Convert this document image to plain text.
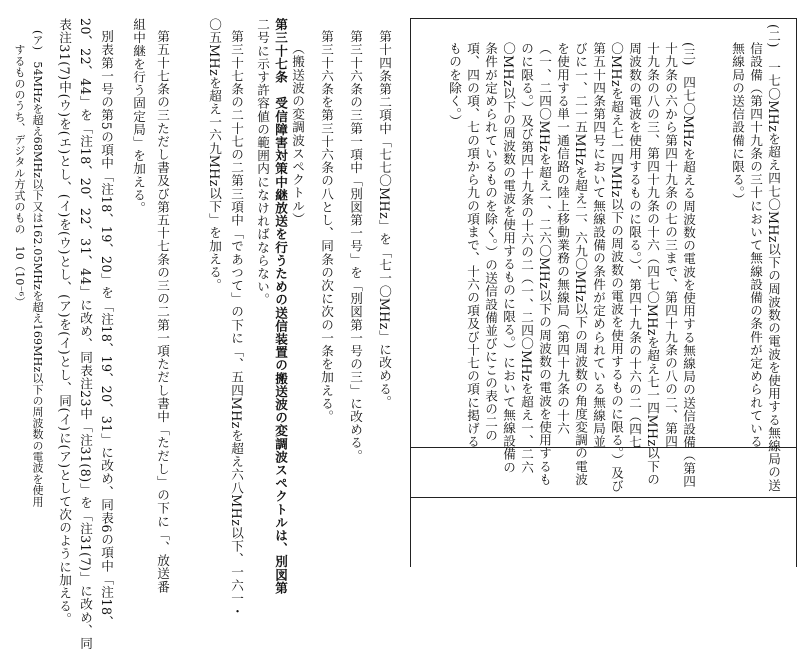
(二)　一七〇MHzを超え四七〇MHz以下の周波数の電波を使用する無線局の送
信設備（第四十九条の三十において無線設備の条件が定められている
無線局の送信設備に限る。）
(三)
四七〇MHzを超える周波数の電波を使用する無線局の送信設備（第四
十九条の六から第四十九条の七の三まで、第四十九条の八の二、第四
十九条の八の三、第四十九条の十六（四七〇MHzを超え七一四MHz以下の
周波数の電波を使用するものに限る。）、第四十九条の十六の二（四七
〇MHzを超え七一四MHz以下の周波数の電波を使用するものに限る。）及び
第五十四条第四号において無線設備の条件が定められている無線局並
びに一、二一五MHzを超え二、六九〇MHz以下の周波数の角度変調の電波
を使用する単一通信路の陸上移動業務の無線局（第四十九条の十六
（一、二四〇MHzを超え一、二六〇MHz以下の周波数の電波を使用するも
のに限る。）及び第四十九条の十六の二（一、二四〇MHzを超え一、二六
〇MHz以下の周波数の電波を使用するものに限る。）において無線設備の
条件が定められているものを除く。）の送信設備並びにこの表の二の
項、四の項、七の項から九の項まで、十六の項及び十七の項に掲げる
ものを除く。）
第十四条第二項中「七七〇MHz」を「七一〇MHz」に改める。
第三十六条の三第一項中「別図第一号」を「別図第一号の三」に改める。
第三十六条を第三十六条の八とし、同条の次に次の一条を加える。
（搬送波の変調波スペクトル）
第三十七条　受信障害対策中継放送を行うための送信装置の搬送波の変調波スペクトルは、別図第
二号に示す許容値の範囲内になければならない。
第三十七条の二十七の二第三項中「であつて」の下に「、五四MHzを超え六八MHz以下、一六一・
〇五MHzを超え一六九MHz以下」を加える。
第五十七条の三ただし書及び第五十七条の三の二第一項ただし書中「ただし」の下に「、放送番
組中継を行う固定局」を加える。
別表第一号の第5の項中「注18、19、20」を「注18、19、20、31」に改め、同表6の項中「注18、
20、22、44」を「注18、20、22、31、44」に改め、同表注23中「注31(8)」を「注31(7)」に改め、同
表注31(7)中(ウ)を(エ)とし、(イ)を(ウ)とし、(ア)を(イ)とし、同(イ)に(ア)として次のように加える。
(ア)　54MHzを超え68MHz以下又は162.05MHzを超え169MHz以下の周波数の電波を使用
するもののうち、デジタル方式のもの　10（10⁻⁶）
